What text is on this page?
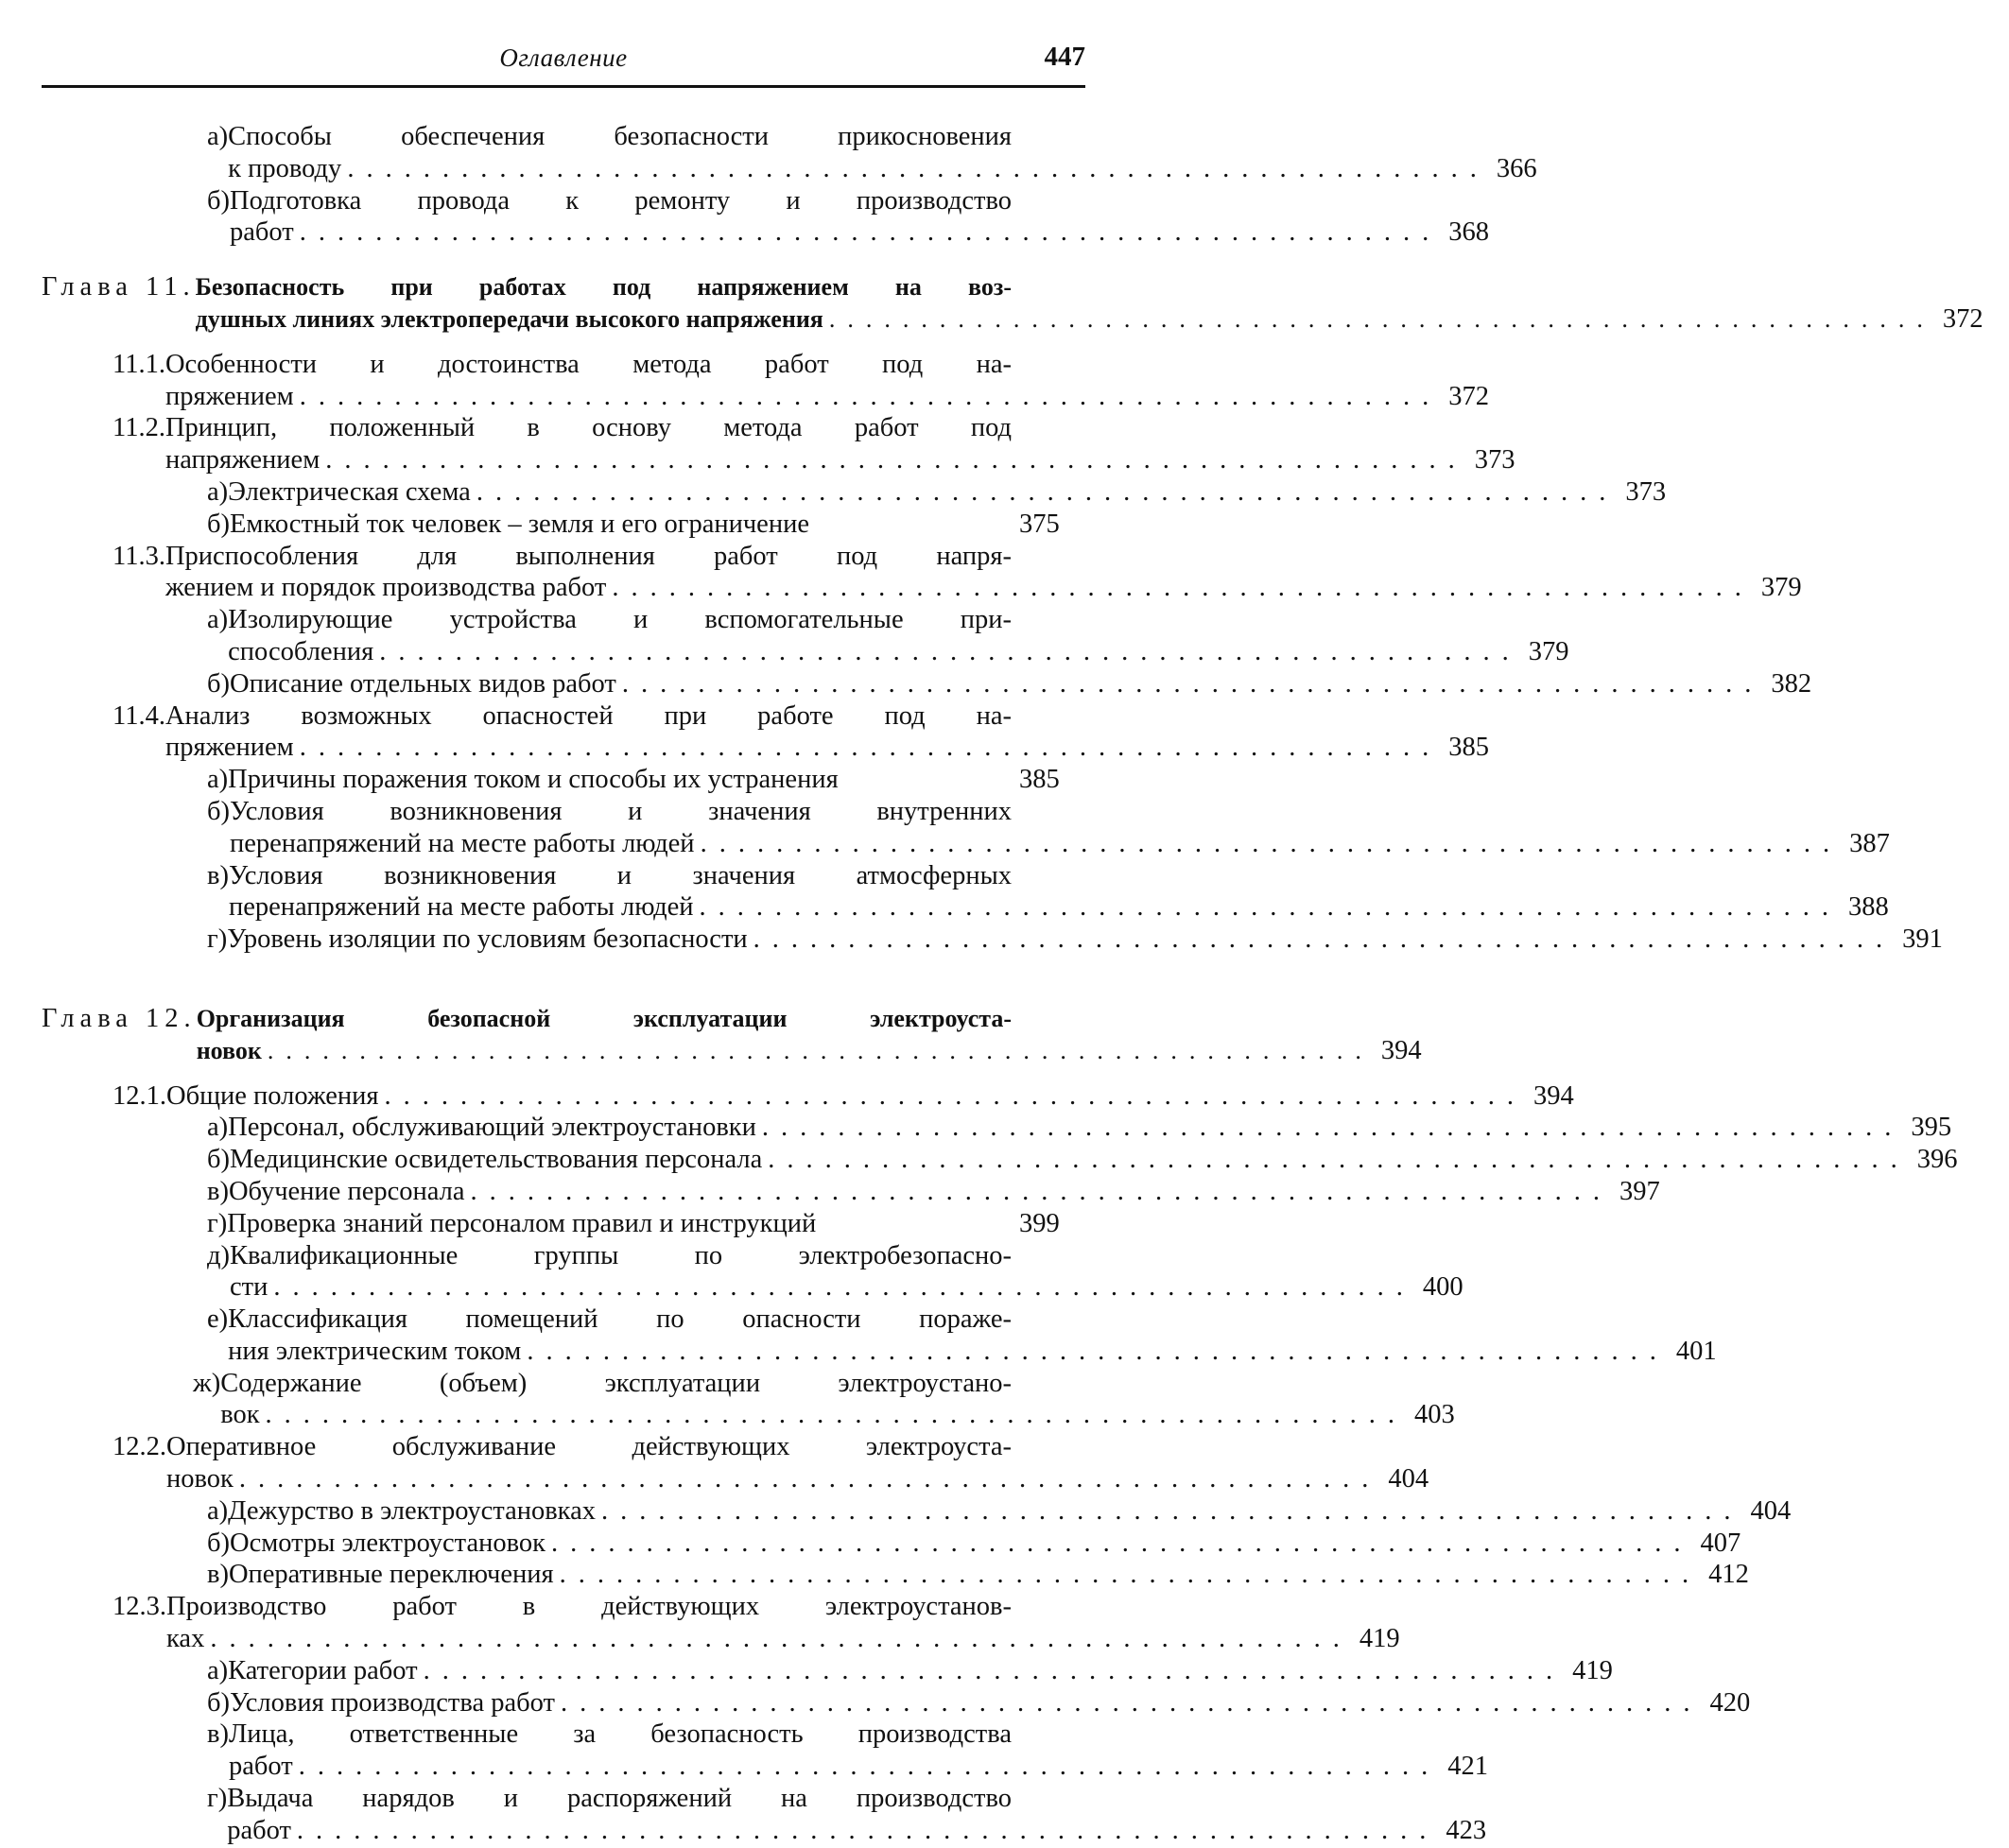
Оглавление	447
а) Способы обеспечения безопасности прикосновения
к проводу ............................................................ 366
б) Подготовка провода к ремонту и производство
работ ............................................................ 368
Глава 11. Безопасность при работах под напряжением на воз-
душных линиях электропередачи высокого напряжения ............................................................ 372
11.1. Особенности и достоинства метода работ под на-
пряжением ............................................................ 372
11.2. Принцип, положенный в основу метода работ под
напряжением ............................................................ 373
а) Электрическая схема ............................................................ 373
б) Емкостный ток человек – земля и его ограничение	375
11.3. Приспособления для выполнения работ под напря-
жением и порядок производства работ ............................................................ 379
а) Изолирующие устройства и вспомогательные при-
способления ............................................................ 379
б) Описание отдельных видов работ ............................................................ 382
11.4. Анализ возможных опасностей при работе под на-
пряжением ............................................................ 385
а) Причины поражения током и способы их устранения	385
б) Условия возникновения и значения внутренних
перенапряжений на месте работы людей ............................................................ 387
в) Условия возникновения и значения атмосферных
перенапряжений на месте работы людей ............................................................ 388
г) Уровень изоляции по условиям безопасности ............................................................ 391
Глава 12. Организация безопасной эксплуатации электроуста-
новок ............................................................ 394
12.1. Общие положения ............................................................ 394
а) Персонал, обслуживающий электроустановки ............................................................ 395
б) Медицинские освидетельствования персонала ............................................................ 396
в) Обучение персонала ............................................................ 397
г) Проверка знаний персоналом правил и инструкций	399
д) Квалификационные группы по электробезопасно-
сти ............................................................ 400
е) Классификация помещений по опасности пораже-
ния электрическим током ............................................................ 401
ж) Содержание (объем) эксплуатации электроустано-
вок ............................................................ 403
12.2. Оперативное обслуживание действующих электроуста-
новок ............................................................ 404
а) Дежурство в электроустановках ............................................................ 404
б) Осмотры электроустановок ............................................................ 407
в) Оперативные переключения ............................................................ 412
12.3. Производство работ в действующих электроустанов-
ках ............................................................ 419
а) Категории работ ............................................................ 419
б) Условия производства работ ............................................................ 420
в) Лица, ответственные за безопасность производства
работ ............................................................ 421
г) Выдача нарядов и распоряжений на производство
работ ............................................................ 423
